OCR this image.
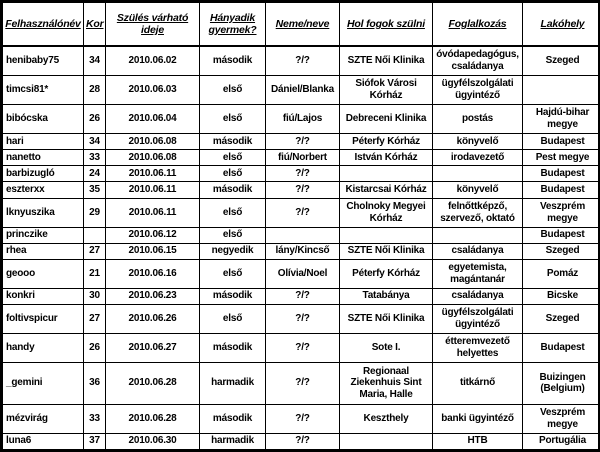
Felhasználónév	Kor	Szülés várható ideje	Hányadik gyermek?	Neme/neve	Hol fogok szülni	Foglalkozás	Lakóhely
henibaby75	34	2010.06.02	második	?/?	SZTE Női Klinika	óvódapedagógus, családanya	Szeged
timcsi81*	28	2010.06.03	első	Dániel/Blanka	Siófok Városi Kórház	ügyfélszolgálati ügyintéző	
bibócska	26	2010.06.04	első	fiú/Lajos	Debreceni Klinika	postás	Hajdú-bihar megye
hari	34	2010.06.08	második	?/?	Péterfy Kórház	könyvelő	Budapest
nanetto	33	2010.06.08	első	fiú/Norbert	István Kórház	irodavezető	Pest megye
barbizugló	24	2010.06.11	első	?/?			Budapest
eszterxx	35	2010.06.11	második	?/?	Kistarcsai Kórház	könyvelő	Budapest
lknyuszika	29	2010.06.11	első	?/?	Cholnoky Megyei Kórház	felnőttképző, szervező, oktató	Veszprém megye
princzike		2010.06.12	első				Budapest
rhea	27	2010.06.15	negyedik	lány/Kincső	SZTE Női Klinika	családanya	Szeged
geooo	21	2010.06.16	első	Olívia/Noel	Péterfy Kórház	egyetemista, magántanár	Pomáz
konkri	30	2010.06.23	második	?/?	Tatabánya	családanya	Bicske
foltivspicur	27	2010.06.26	első	?/?	SZTE Női Klinika	ügyfélszolgálati ügyintéző	Szeged
handy	26	2010.06.27	második	?/?	Sote I.	étteremvezető helyettes	Budapest
_gemini	36	2010.06.28	harmadik	?/?	Regionaal Ziekenhuis Sint Maria, Halle	titkárnő	Buizingen (Belgium)
mézvirág	33	2010.06.28	második	?/?	Keszthely	banki ügyintéző	Veszprém megye
luna6	37	2010.06.30	harmadik	?/?		HTB	Portugália
